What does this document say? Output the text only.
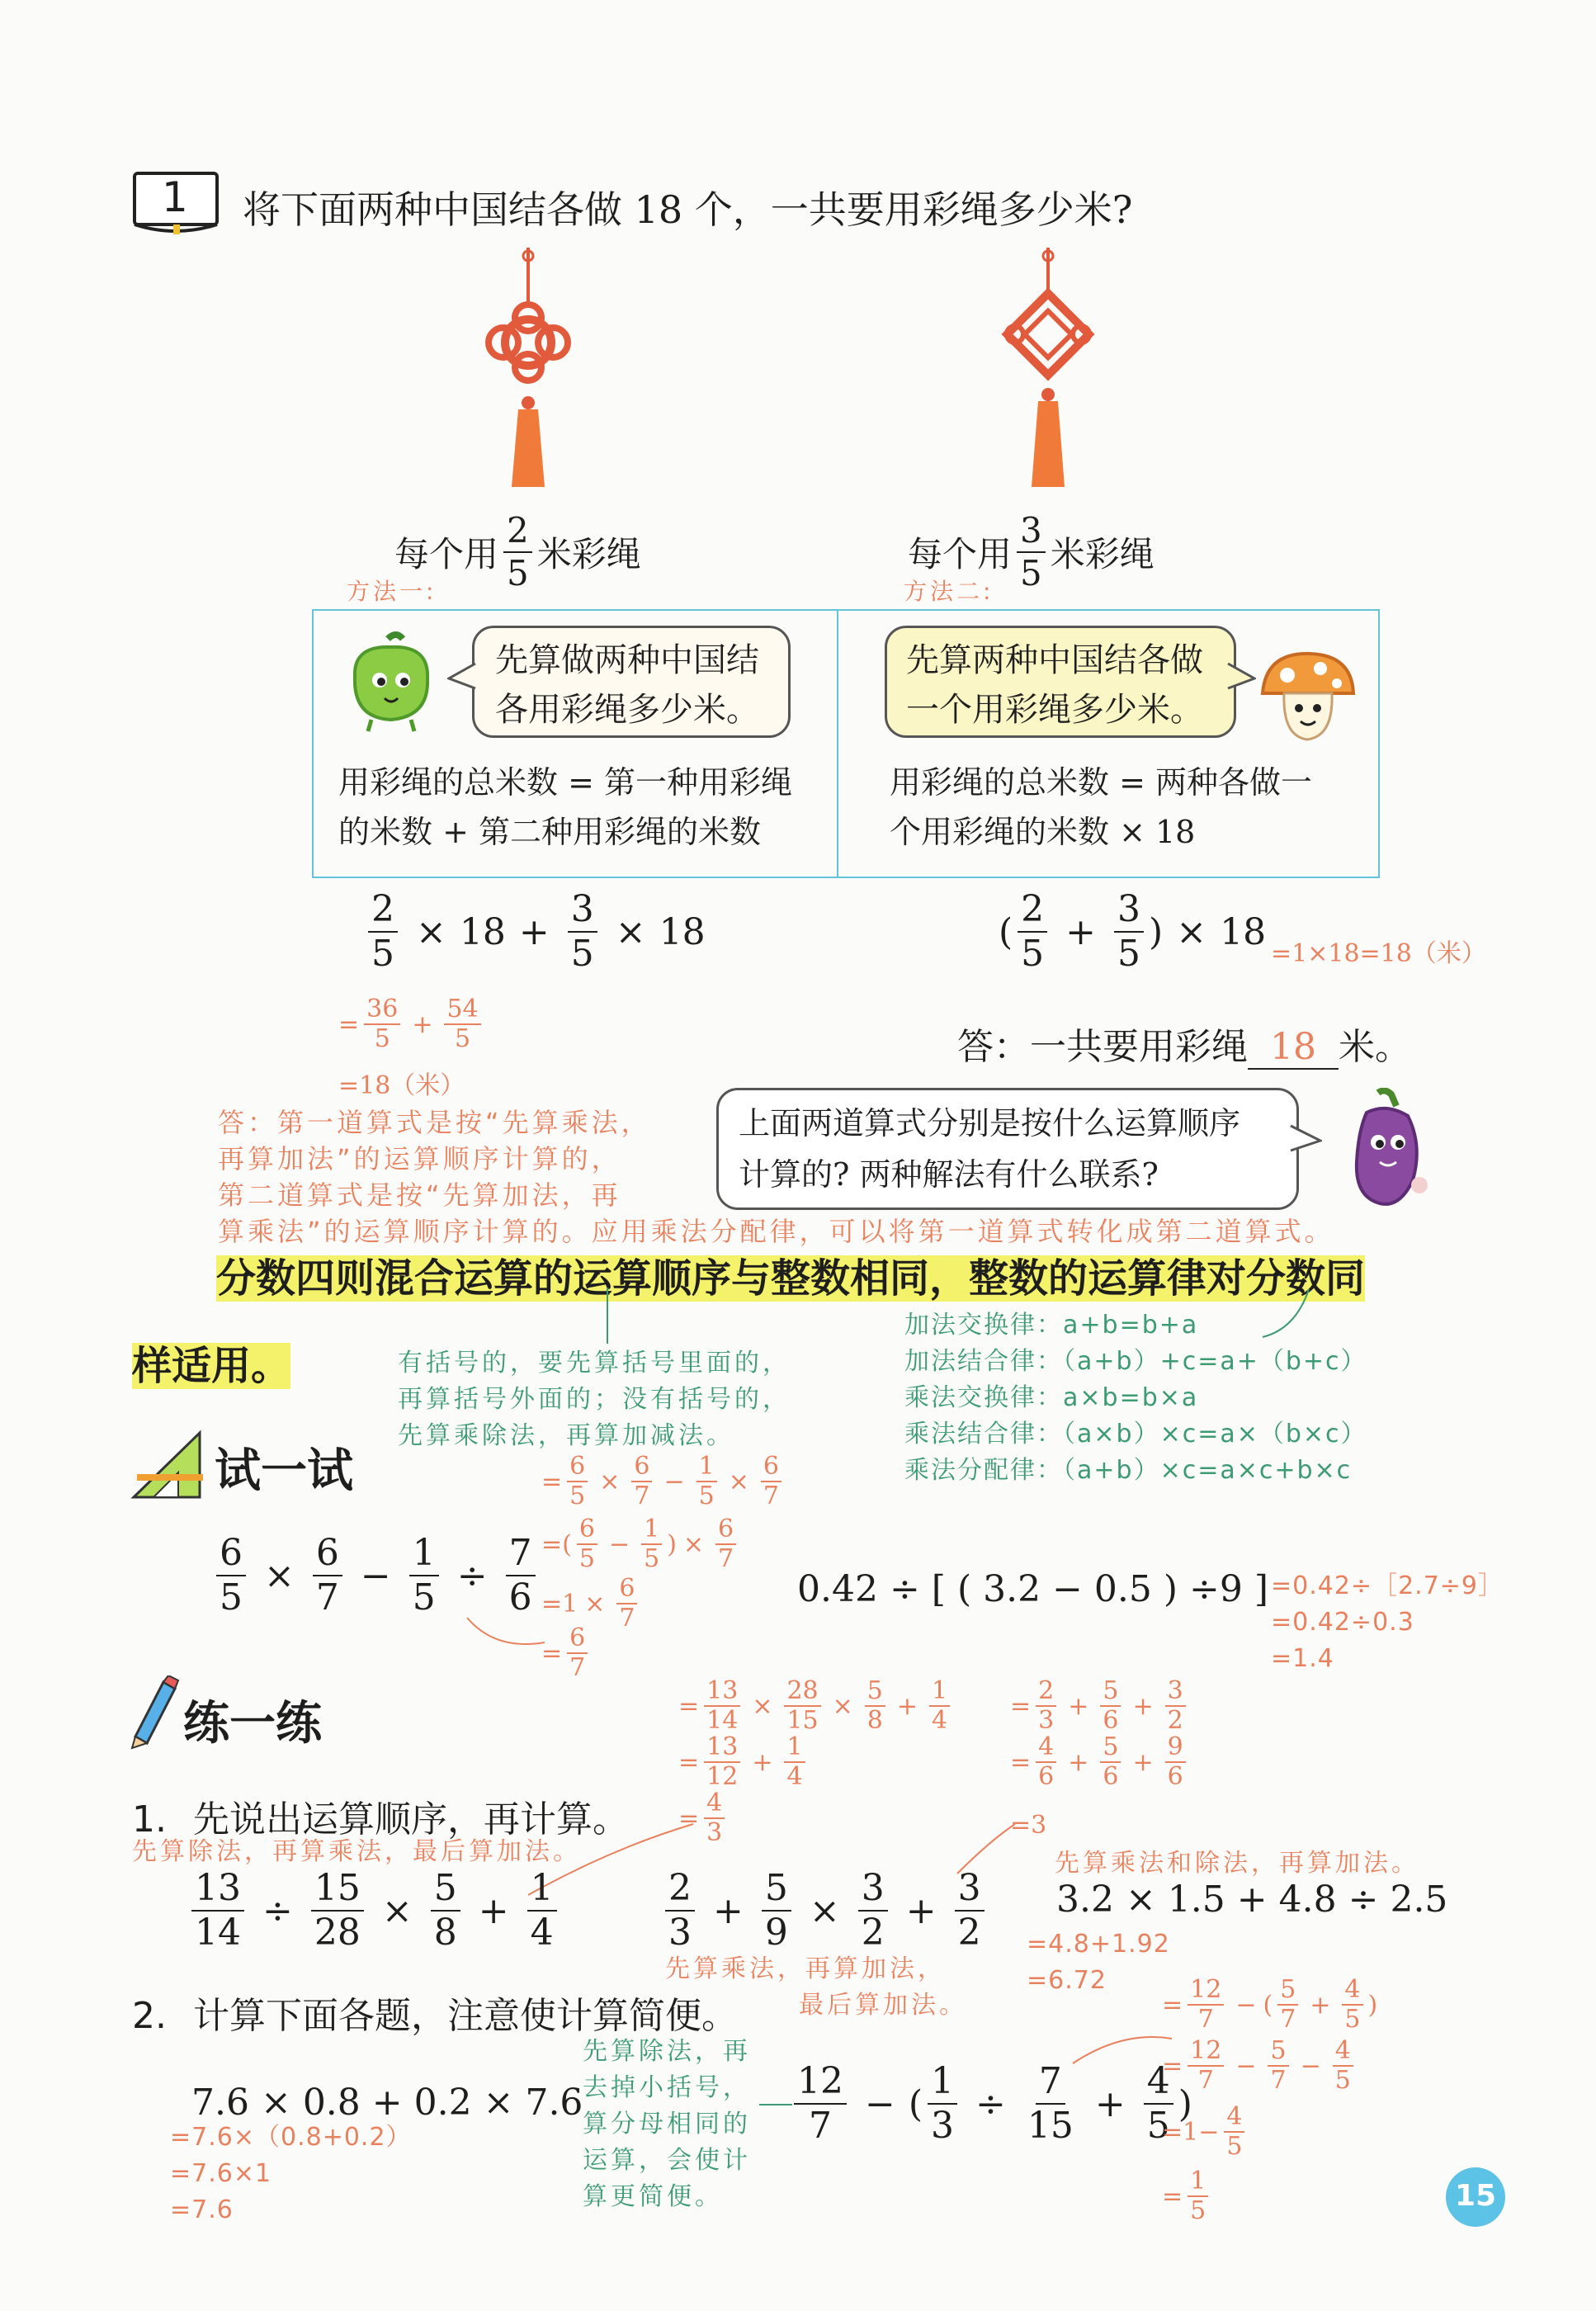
1 将下面两种中国结各做 18 个，一共要用彩绳多少米?
每个用 $\frac{2}{5}$ 米彩绳	每个用 $\frac{3}{5}$ 米彩绳
方法一:	方法二:
先算做两种中国结
各用彩绳多少米。
用彩绳的总米数 = 第一种用彩绳
的米数 + 第二种用彩绳的米数
先算两种中国结各做
一个用彩绳多少米。
用彩绳的总米数 = 两种各做一
个用彩绳的米数 × 18
$\frac{2}{5} \times 18 + \frac{3}{5} \times 18$
= $\frac{36}{5} + \frac{54}{5}$
=18（米）
( $\frac{2}{5} + \frac{3}{5}$ ) × 18
=1×18=18（米）
答：一共要用彩绳 18 米。
答：第一道算式是按“先算乘法，
再算加法”的运算顺序计算的，
第二道算式是按“先算加法，再
算乘法”的运算顺序计算的。应用乘法分配律，可以将第一道算式转化成第二道算式。
上面两道算式分别是按什么运算顺序
计算的? 两种解法有什么联系?
分数四则混合运算的运算顺序与整数相同，整数的运算律对分数同
样适用。	有括号的，要先算括号里面的，
再算括号外面的；没有括号的，
先算乘除法，再算加减法。
加法交换律：a+b=b+a
加法结合律：（a+b）+c=a+（b+c）
乘法交换律：a×b=b×a
乘法结合律：（a×b）×c=a×（b×c）
乘法分配律：（a+b）×c=a×c+b×c
试一试
$\frac{6}{5} \times \frac{6}{7} - \frac{1}{5} \div \frac{7}{6}$
= $\frac{6}{5} \times \frac{6}{7} - \frac{1}{5} \times \frac{6}{7}$
= ( $\frac{6}{5} - \frac{1}{5}$ ) × $\frac{6}{7}$
$=1 \times \frac{6}{7}$
= $\frac{6}{7}$
0.42 ÷ [ ( 3.2 − 0.5 ) ÷9 ] =0.42÷［2.7÷9］
=0.42÷0.3
=1.4
练一练
1. 先说出运算顺序，再计算。
先算除法，再算乘法，最后算加法。
$\frac{13}{14} \div \frac{15}{28} \times \frac{5}{8} + \frac{1}{4}$
= $\frac{13}{14} \times \frac{28}{15} \times \frac{5}{8} + \frac{1}{4}$
= $\frac{13}{12} + \frac{1}{4}$
= $\frac{4}{3}$
$\frac{2}{3} + \frac{5}{9} \times \frac{3}{2} + \frac{3}{2}$
先算乘法，再算加法，
最后算加法。
= $\frac{2}{3} + \frac{5}{6} + \frac{3}{2}$
= $\frac{4}{6} + \frac{5}{6} + \frac{9}{6}$
=3
先算乘法和除法，再算加法。
3.2 × 1.5 + 4.8 ÷ 2.5
=4.8+1.92
=6.72
2. 计算下面各题，注意使计算简便。
7.6 × 0.8 + 0.2 × 7.6
=7.6×（0.8+0.2）
=7.6×1
=7.6
先算除法，再
去掉小括号，
算分母相同的
运算，会使计
算更简便。
$\frac{12}{7}$ − ( $\frac{1}{3} \div \frac{7}{15} + \frac{4}{5}$ )
= $\frac{12}{7}$ − ( $\frac{5}{7} + \frac{4}{5}$ )
= $\frac{12}{7} - \frac{5}{7} - \frac{4}{5}$
$=1- \frac{4}{5}$
= $\frac{1}{5}$	15
